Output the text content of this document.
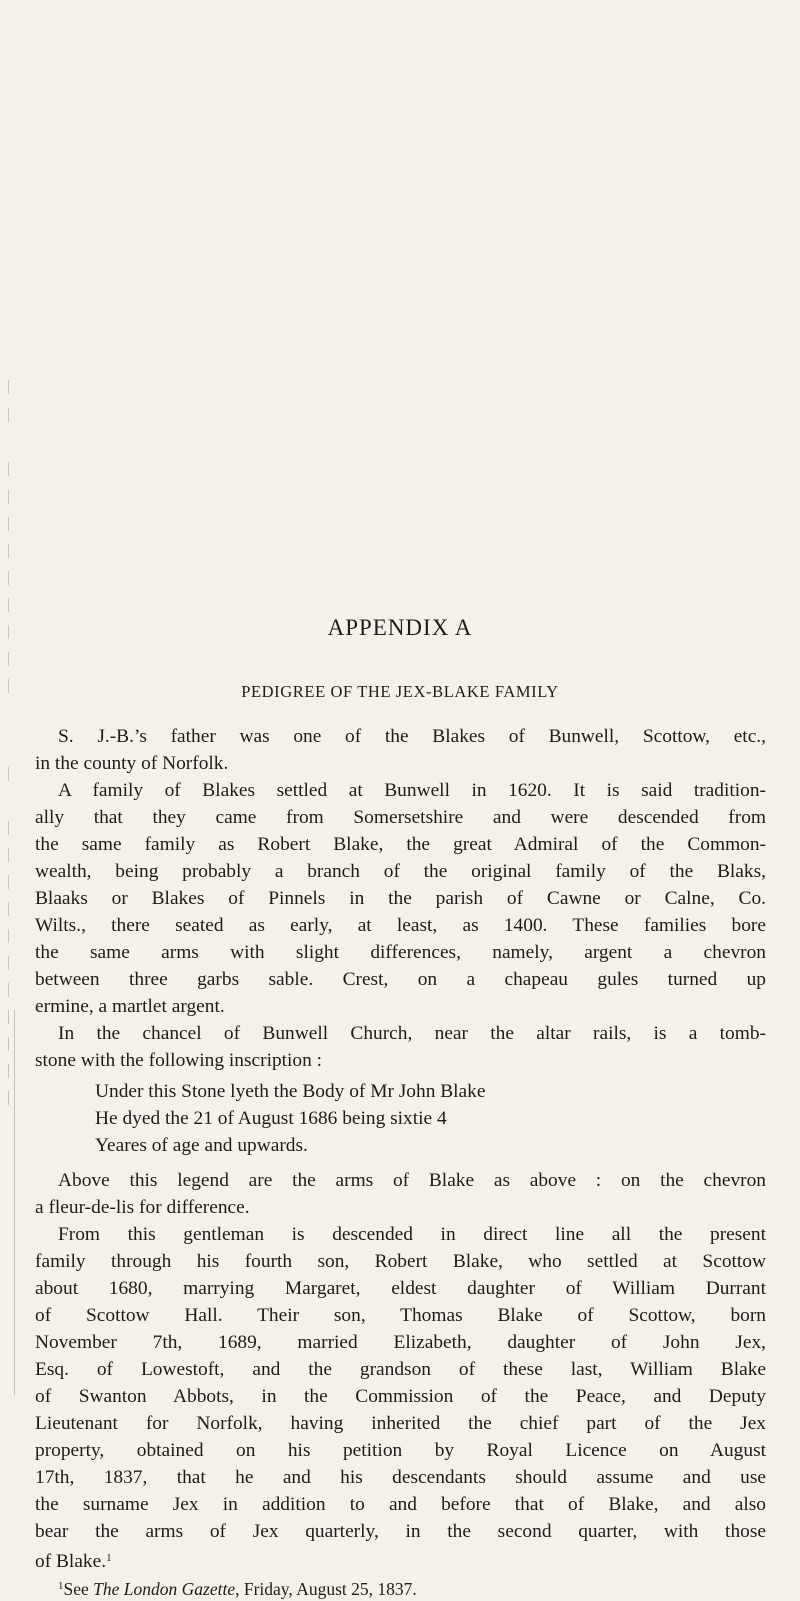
APPENDIX A
PEDIGREE OF THE JEX-BLAKE FAMILY
S. J.-B.’s father was one of the Blakes of Bunwell, Scottow, etc.,
in the county of Norfolk.
A family of Blakes settled at Bunwell in 1620. It is said tradition-
ally that they came from Somersetshire and were descended from
the same family as Robert Blake, the great Admiral of the Common-
wealth, being probably a branch of the original family of the Blaks,
Blaaks or Blakes of Pinnels in the parish of Cawne or Calne, Co.
Wilts., there seated as early, at least, as 1400. These families bore
the same arms with slight differences, namely, argent a chevron
between three garbs sable. Crest, on a chapeau gules turned up
ermine, a martlet argent.
In the chancel of Bunwell Church, near the altar rails, is a tomb-
stone with the following inscription :
Under this Stone lyeth the Body of Mr John Blake
He dyed the 21 of August 1686 being sixtie 4
Yeares of age and upwards.
Above this legend are the arms of Blake as above : on the chevron
a fleur-de-lis for difference.
From this gentleman is descended in direct line all the present
family through his fourth son, Robert Blake, who settled at Scottow
about 1680, marrying Margaret, eldest daughter of William Durrant
of Scottow Hall. Their son, Thomas Blake of Scottow, born
November 7th, 1689, married Elizabeth, daughter of John Jex,
Esq. of Lowestoft, and the grandson of these last, William Blake
of Swanton Abbots, in the Commission of the Peace, and Deputy
Lieutenant for Norfolk, having inherited the chief part of the Jex
property, obtained on his petition by Royal Licence on August
17th, 1837, that he and his descendants should assume and use
the surname Jex in addition to and before that of Blake, and also
bear the arms of Jex quarterly, in the second quarter, with those
of Blake.$^1$
$^1$See The London Gazette, Friday, August 25, 1837.
